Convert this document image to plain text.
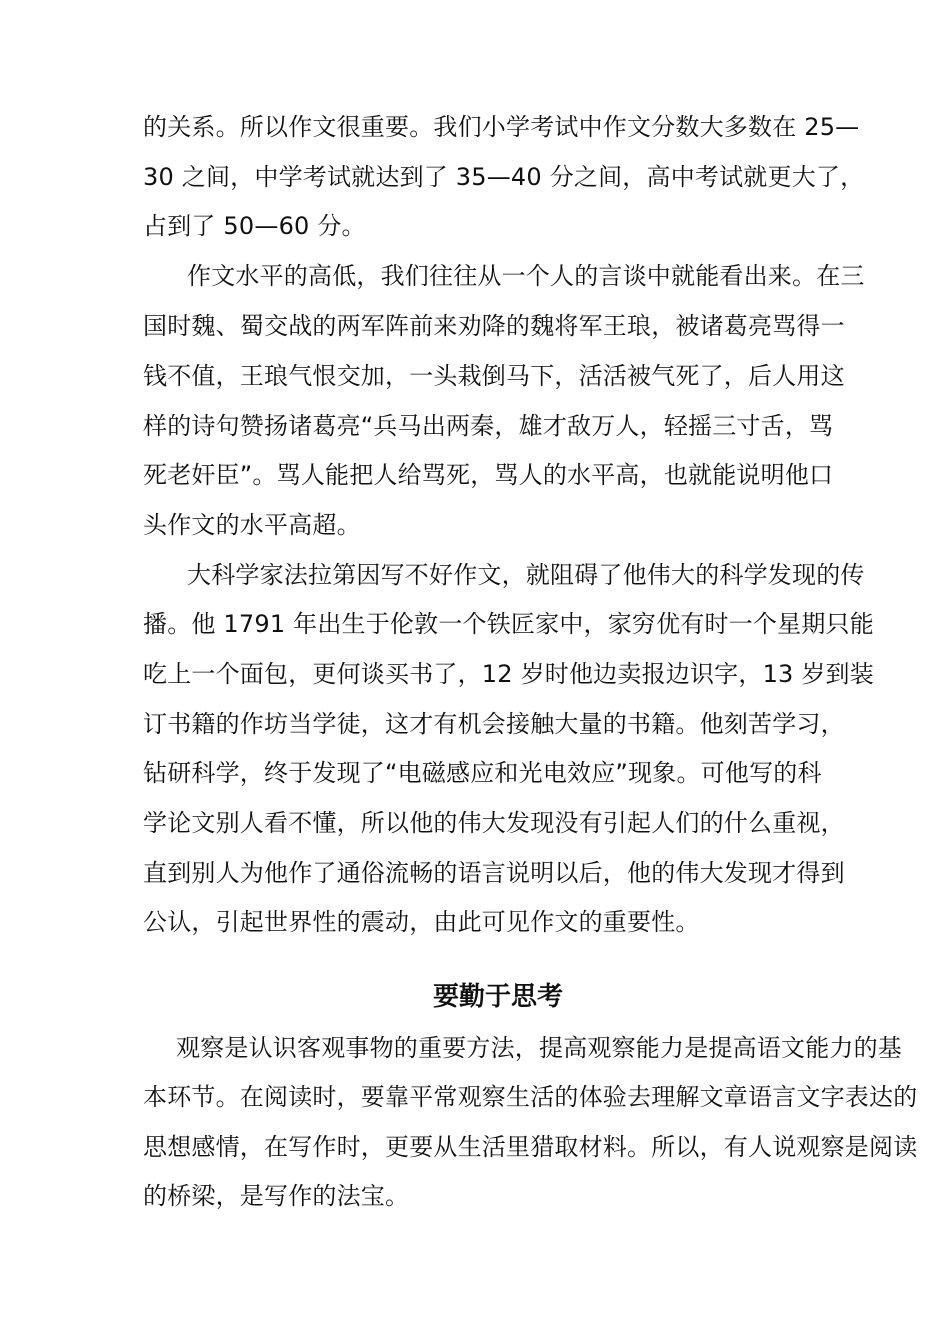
的关系。所以作文很重要。我们小学考试中作文分数大多数在 25—
30 之间，中学考试就达到了 35—40 分之间，高中考试就更大了，
占到了 50—60 分。
作文水平的高低，我们往往从一个人的言谈中就能看出来。在三
国时魏、蜀交战的两军阵前来劝降的魏将军王琅，被诸葛亮骂得一
钱不值，王琅气恨交加，一头栽倒马下，活活被气死了，后人用这
样的诗句赞扬诸葛亮“兵马出两秦，雄才敌万人，轻摇三寸舌，骂
死老奸臣”。骂人能把人给骂死，骂人的水平高，也就能说明他口
头作文的水平高超。
大科学家法拉第因写不好作文，就阻碍了他伟大的科学发现的传
播。他 1791 年出生于伦敦一个铁匠家中，家穷优有时一个星期只能
吃上一个面包，更何谈买书了，12 岁时他边卖报边识字，13 岁到装
订书籍的作坊当学徒，这才有机会接触大量的书籍。他刻苦学习，
钻研科学，终于发现了“电磁感应和光电效应”现象。可他写的科
学论文别人看不懂，所以他的伟大发现没有引起人们的什么重视，
直到别人为他作了通俗流畅的语言说明以后，他的伟大发现才得到
公认，引起世界性的震动，由此可见作文的重要性。
要勤于思考
观察是认识客观事物的重要方法，提高观察能力是提高语文能力的基
本环节。在阅读时，要靠平常观察生活的体验去理解文章语言文字表达的
思想感情，在写作时，更要从生活里猎取材料。所以，有人说观察是阅读
的桥梁，是写作的法宝。
